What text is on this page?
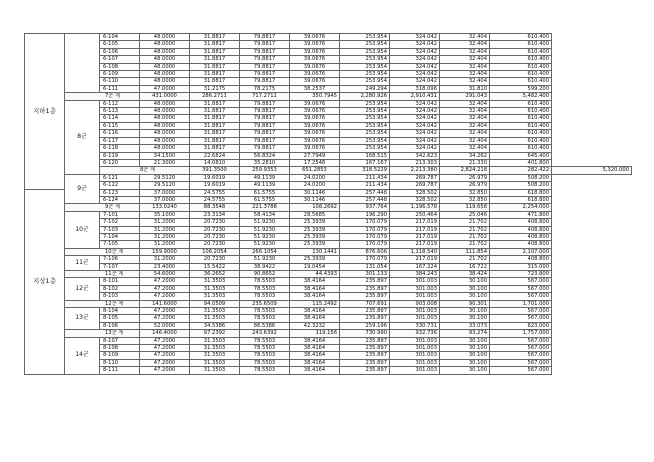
지하1층		6-104	48.0000	31.8817	79.8817	39.0676	253.954	324.042	32.404	610.400	
		6-105	48.0000	31.8817	79.8817	39.0676	253.954	324.042	32.404	610.400	
		6-106	48.0000	31.8817	79.8817	39.0676	253.954	324.042	32.404	610.400	
		6-107	48.0000	31.8817	79.8817	39.0676	253.954	324.042	32.404	610.400	
		6-108	48.0000	31.8817	79.8817	39.0676	253.954	324.042	32.404	610.400	
		6-109	48.0000	31.8817	79.8817	39.0676	253.954	324.042	32.404	610.400	
		6-110	48.0000	31.8817	79.8817	39.0676	253.954	324.042	32.404	610.400	
		6-111	47.0000	31.2175	78.2175	38.2537	249.294	318.096	31.810	599.200	
	7군 계		431.0000	286.2711	717.2711	350.7945	2,280.926	2,910.431	291.043	5,482.400	
	8군	6-112	48.0000	31.8817	79.8817	39.0676	253.954	324.042	32.404	610.400	
		6-113	48.0000	31.8817	79.8817	39.0676	253.954	324.042	32.404	610.400	
		6-114	48.0000	31.8817	79.8817	39.0676	253.954	324.042	32.404	610.400	
		6-115	48.0000	31.8817	79.8817	39.0676	253.954	324.042	32.404	610.400	
		6-116	48.0000	31.8817	79.8817	39.0676	253.954	324.042	32.404	610.400	
		6-117	48.0000	31.8817	79.8817	39.0676	253.954	324.042	32.404	610.400	
		6-118	48.0000	31.8817	79.8817	39.0676	253.954	324.042	32.404	610.400	
		6-119	34.1500	22.6824	56.8324	27.7949	168.515	342.623	34.262	645.400	
		6-120	21.3000	14.0810	35.2810	17.2548	167.167	213.303	21.330	401.800	
		8군 계		391.3500	259.9353	651.2853	318.5229	2,213.380	2,824.218	282.422	5,320.000
	9군	6-121	29.5120	19.6019	49.1139	24.0200	211.434	269.787	26.979	508.200	
		6-122	29.5120	19.6019	49.1139	24.0200	211.434	269.787	26.979	508.200	
지상1층		6-123	37.0000	24.5755	61.5755	30.1146	257.448	328.502	32.850	618.800	
		6-124	37.0000	24.5755	61.5755	30.1146	257.448	328.502	32.850	618.800	
	9군 계		133.0240	88.3548	221.3788	108.2692	937.764	1,196.578	119.658	2,254.000	
	10군	7-101	35.1000	23.3134	58.4134	28.5685	196.290	250.464	25.046	471.800	
		7-102	31.2000	20.7230	51.9230	25.3939	170.079	217.019	21.702	408.800	
		7-103	31.2000	20.7230	51.9230	25.3939	170.079	217.019	21.702	408.800	
		7-104	31.2000	20.7230	51.9230	25.3939	170.079	217.019	21.702	408.800	
		7-105	31.2000	20.7230	51.9230	25.3939	170.079	217.019	21.702	408.800	
	10군 계		159.9000	106.2054	266.1054	130.1441	876.606	1,118.540	111.854	2,107.000	
	11군	7-106	31.2000	20.7230	51.9230	25.3939	170.079	217.019	21.702	408.800	
		7-107	23.4000	15.5422	38.9422	19.0454	131.054	167.224	16.722	315.000	
	11군 계		54.6000	36.2652	90.8652	44.4393	301.133	384.243	38.424	723.800	
	12군	8-101	47.2000	31.3503	78.5503	38.4164	235.897	301.003	30.100	567.000	
		8-102	47.2000	31.3503	78.5503	38.4164	235.897	301.003	30.100	567.000	
		8-103	47.2000	31.3503	78.5503	38.4164	235.897	301.003	30.100	567.000	
	12군 계		141.6000	94.0509	235.6509	115.2492	707.691	903.008	90.301	1,701.000	
	13군	8-104	47.2000	31.3503	78.5503	38.4164	235.897	301.003	30.100	567.000	
		8-105	47.2000	31.3503	78.5503	38.4164	235.897	301.003	30.100	567.000	
		8-106	52.0000	34.5386	86.5386	42.3232	259.196	330.731	33.073	623.000	
	13군 계		146.4000	97.2392	243.6392	119.156	730.990	932.736	93.274	1,757.000	
	14군	8-107	47.2000	31.3503	78.5503	38.4164	235.897	301.003	30.100	567.000	
		8-108	47.2000	31.3503	78.5503	38.4164	235.897	301.003	30.100	567.000	
		8-109	47.2000	31.3503	78.5503	38.4164	235.897	301.003	30.100	567.000	
		8-110	47.2000	31.3503	78.5503	38.4164	235.897	301.003	30.100	567.000	
		8-111	47.2000	31.3503	78.5503	38.4164	235.897	301.003	30.100	567.000	
